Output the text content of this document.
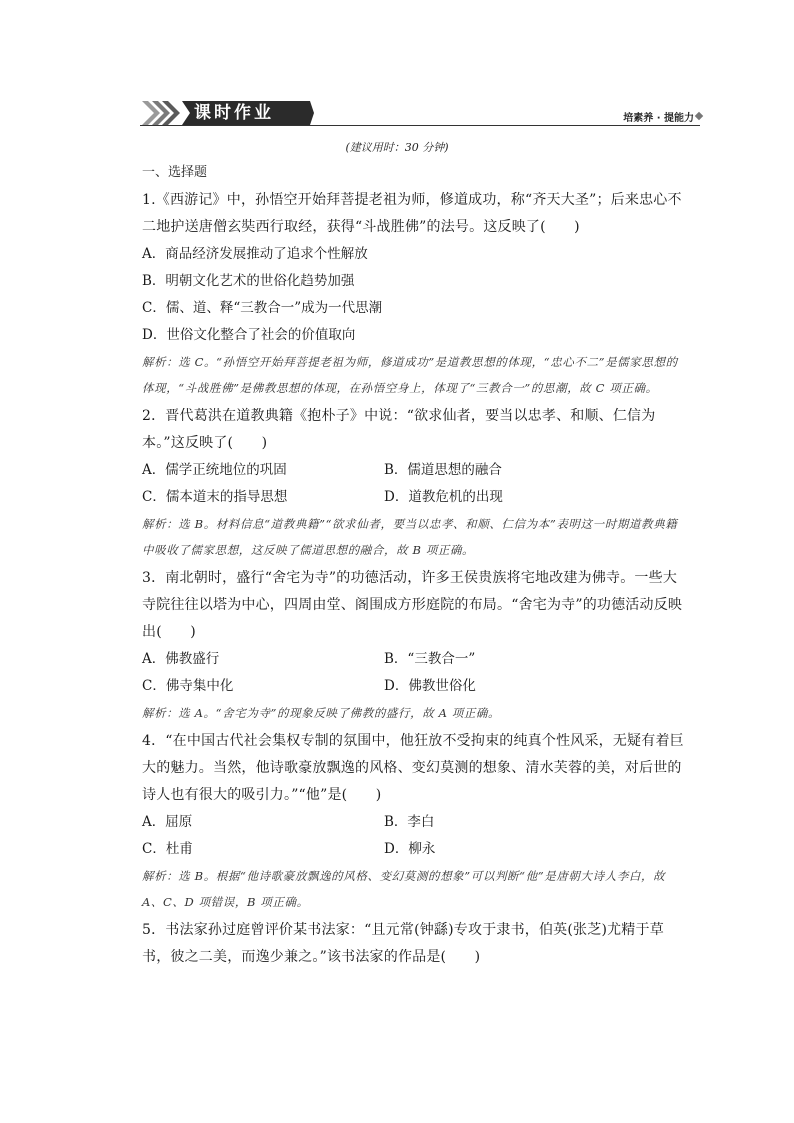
课时作业	培素养 · 提能力
(建议用时：30 分钟)
一、选择题
1.《西游记》中，孙悟空开始拜菩提老祖为师，修道成功，称“齐天大圣”；后来忠心不二地护送唐僧玄奘西行取经，获得“斗战胜佛”的法号。这反映了(　　)
A．商品经济发展推动了追求个性解放
B．明朝文化艺术的世俗化趋势加强
C．儒、道、释“三教合一”成为一代思潮
D．世俗文化整合了社会的价值取向
解析：选 C。“孙悟空开始拜菩提老祖为师，修道成功”是道教思想的体现，“忠心不二”是儒家思想的体现，“斗战胜佛”是佛教思想的体现，在孙悟空身上，体现了“三教合一”的思潮，故 C 项正确。
2．晋代葛洪在道教典籍《抱朴子》中说：“欲求仙者，要当以忠孝、和顺、仁信为本。”这反映了(　　)
A．儒学正统地位的巩固	B．儒道思想的融合
C．儒本道末的指导思想	D．道教危机的出现
解析：选 B。材料信息“道教典籍”“欲求仙者，要当以忠孝、和顺、仁信为本”表明这一时期道教典籍中吸收了儒家思想，这反映了儒道思想的融合，故 B 项正确。
3．南北朝时，盛行“舍宅为寺”的功德活动，许多王侯贵族将宅地改建为佛寺。一些大寺院往往以塔为中心，四周由堂、阁围成方形庭院的布局。“舍宅为寺”的功德活动反映出(　　)
A．佛教盛行	B．“三教合一”
C．佛寺集中化	D．佛教世俗化
解析：选 A。“舍宅为寺”的现象反映了佛教的盛行，故 A 项正确。
4．“在中国古代社会集权专制的氛围中，他狂放不受拘束的纯真个性风采，无疑有着巨大的魅力。当然，他诗歌豪放飘逸的风格、变幻莫测的想象、清水芙蓉的美，对后世的诗人也有很大的吸引力。”“他”是(　　)
A．屈原	B．李白
C．杜甫	D．柳永
解析：选 B。根据“他诗歌豪放飘逸的风格、变幻莫测的想象”可以判断“他”是唐朝大诗人李白，故 A、C、D 项错误，B 项正确。
5．书法家孙过庭曾评价某书法家：“且元常(钟繇)专攻于隶书，伯英(张芝)尤精于草书，彼之二美，而逸少兼之。”该书法家的作品是(　　)
